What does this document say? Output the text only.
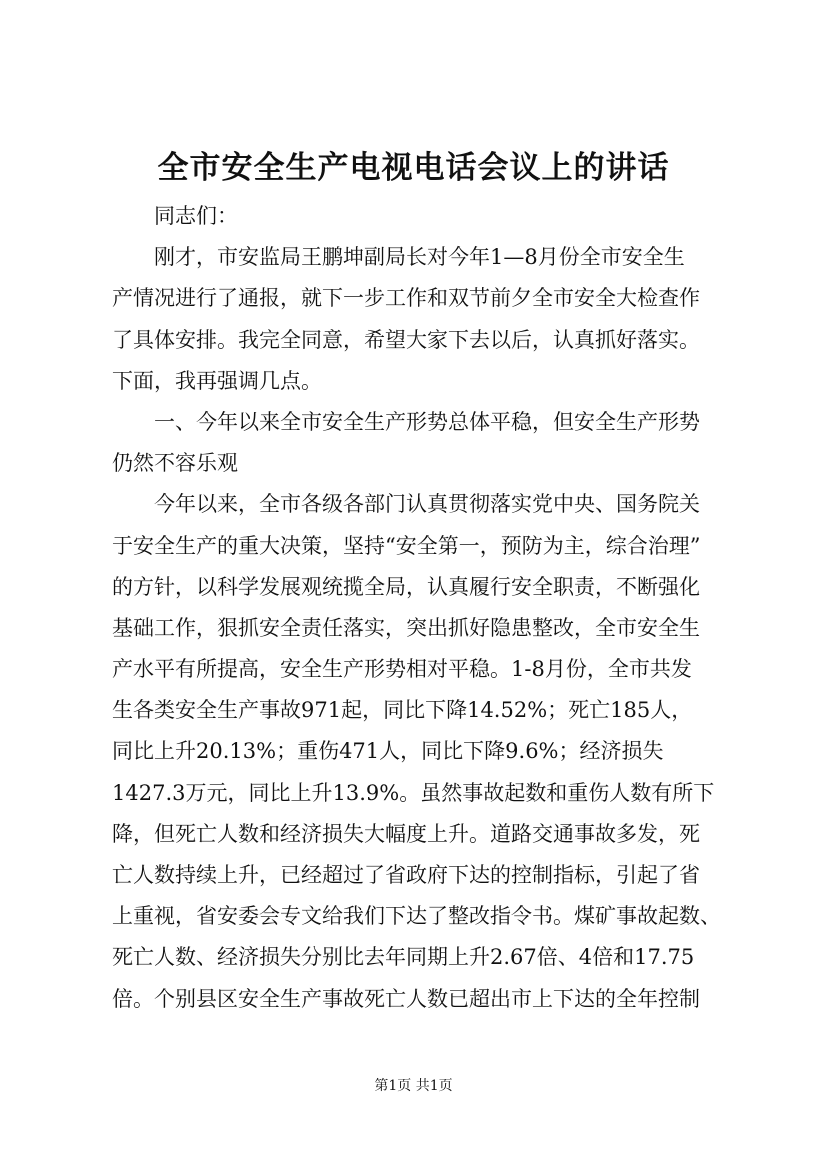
全市安全生产电视电话会议上的讲话
同志们：
刚才，市安监局王鹏坤副局长对今年1—8月份全市安全生
产情况进行了通报，就下一步工作和双节前夕全市安全大检查作
了具体安排。我完全同意，希望大家下去以后，认真抓好落实。
下面，我再强调几点。
一、今年以来全市安全生产形势总体平稳，但安全生产形势
仍然不容乐观
今年以来，全市各级各部门认真贯彻落实党中央、国务院关
于安全生产的重大决策，坚持“安全第一，预防为主，综合治理”
的方针，以科学发展观统揽全局，认真履行安全职责，不断强化
基础工作，狠抓安全责任落实，突出抓好隐患整改，全市安全生
产水平有所提高，安全生产形势相对平稳。1-8月份，全市共发
生各类安全生产事故971起，同比下降14.52%；死亡185人，
同比上升20.13%；重伤471人，同比下降9.6%；经济损失
1427.3万元，同比上升13.9%。虽然事故起数和重伤人数有所下
降，但死亡人数和经济损失大幅度上升。道路交通事故多发，死
亡人数持续上升，已经超过了省政府下达的控制指标，引起了省
上重视，省安委会专文给我们下达了整改指令书。煤矿事故起数、
死亡人数、经济损失分别比去年同期上升2.67倍、4倍和17.75
倍。个别县区安全生产事故死亡人数已超出市上下达的全年控制
第1页 共1页
